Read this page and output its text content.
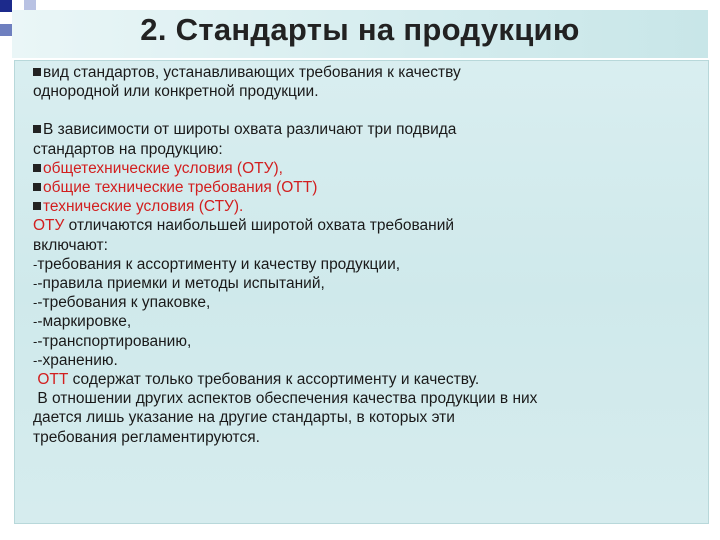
2. Стандарты на продукцию
вид стандартов, устанавливающих требования к качеству
однородной или конкретной продукции.
В зависимости от широты охвата различают три подвида
стандартов на продукцию:
общетехнические условия (ОТУ),
общие технические требования (ОТТ)
технические условия (СТУ).
ОТУ отличаются наибольшей широтой охвата требований
включают:
-требования к ассортименту и качеству продукции,
--правила приемки и методы испытаний,
--требования к упаковке,
--маркировке,
--транспортированию,
--хранению.
ОТТ содержат только требования к ассортименту и качеству.
В отношении других аспектов обеспечения качества продукции в них
дается лишь указание на другие стандарты, в которых эти
требования регламентируются.
